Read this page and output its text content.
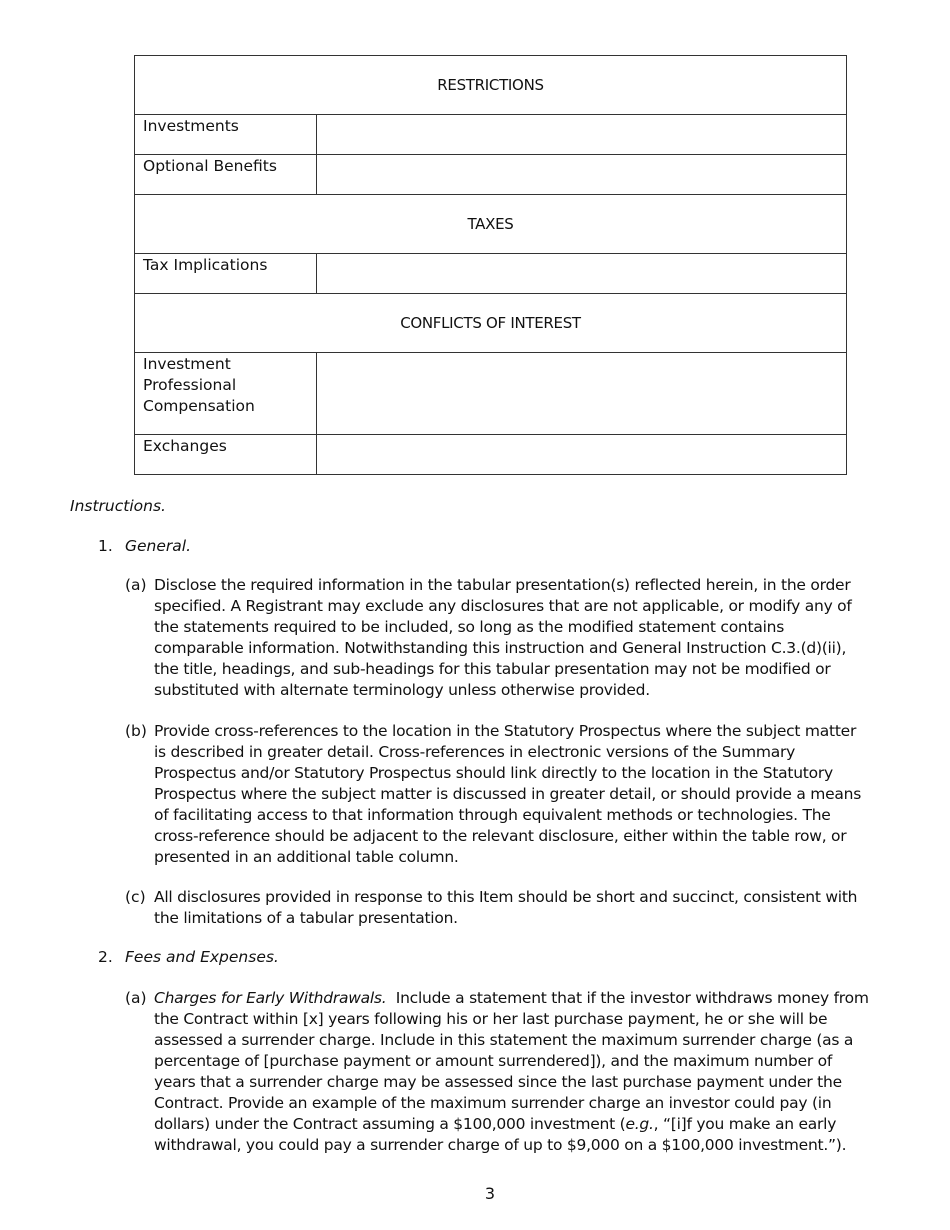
RESTRICTIONS	
Investments	
Optional Benefits	
TAXES	
Tax Implications	
CONFLICTS OF INTEREST	

Investment
Professional
Compensation	

Exchanges	
Instructions.
1. General.
(a) Disclose the required information in the tabular presentation(s) reflected herein, in the order
specified. A Registrant may exclude any disclosures that are not applicable, or modify any of
the statements required to be included, so long as the modified statement contains
comparable information. Notwithstanding this instruction and General Instruction C.3.(d)(ii),
the title, headings, and sub-headings for this tabular presentation may not be modified or
substituted with alternate terminology unless otherwise provided.
(b) Provide cross-references to the location in the Statutory Prospectus where the subject matter
is described in greater detail. Cross-references in electronic versions of the Summary
Prospectus and/or Statutory Prospectus should link directly to the location in the Statutory
Prospectus where the subject matter is discussed in greater detail, or should provide a means
of facilitating access to that information through equivalent methods or technologies. The
cross-reference should be adjacent to the relevant disclosure, either within the table row, or
presented in an additional table column.
(c) All disclosures provided in response to this Item should be short and succinct, consistent with
the limitations of a tabular presentation.
2. Fees and Expenses.
(a) Charges for Early Withdrawals.  Include a statement that if the investor withdraws money from
the Contract within [x] years following his or her last purchase payment, he or she will be
assessed a surrender charge. Include in this statement the maximum surrender charge (as a
percentage of [purchase payment or amount surrendered]), and the maximum number of
years that a surrender charge may be assessed since the last purchase payment under the
Contract. Provide an example of the maximum surrender charge an investor could pay (in
dollars) under the Contract assuming a $100,000 investment (e.g., “[i]f you make an early
withdrawal, you could pay a surrender charge of up to $9,000 on a $100,000 investment.”).
3
